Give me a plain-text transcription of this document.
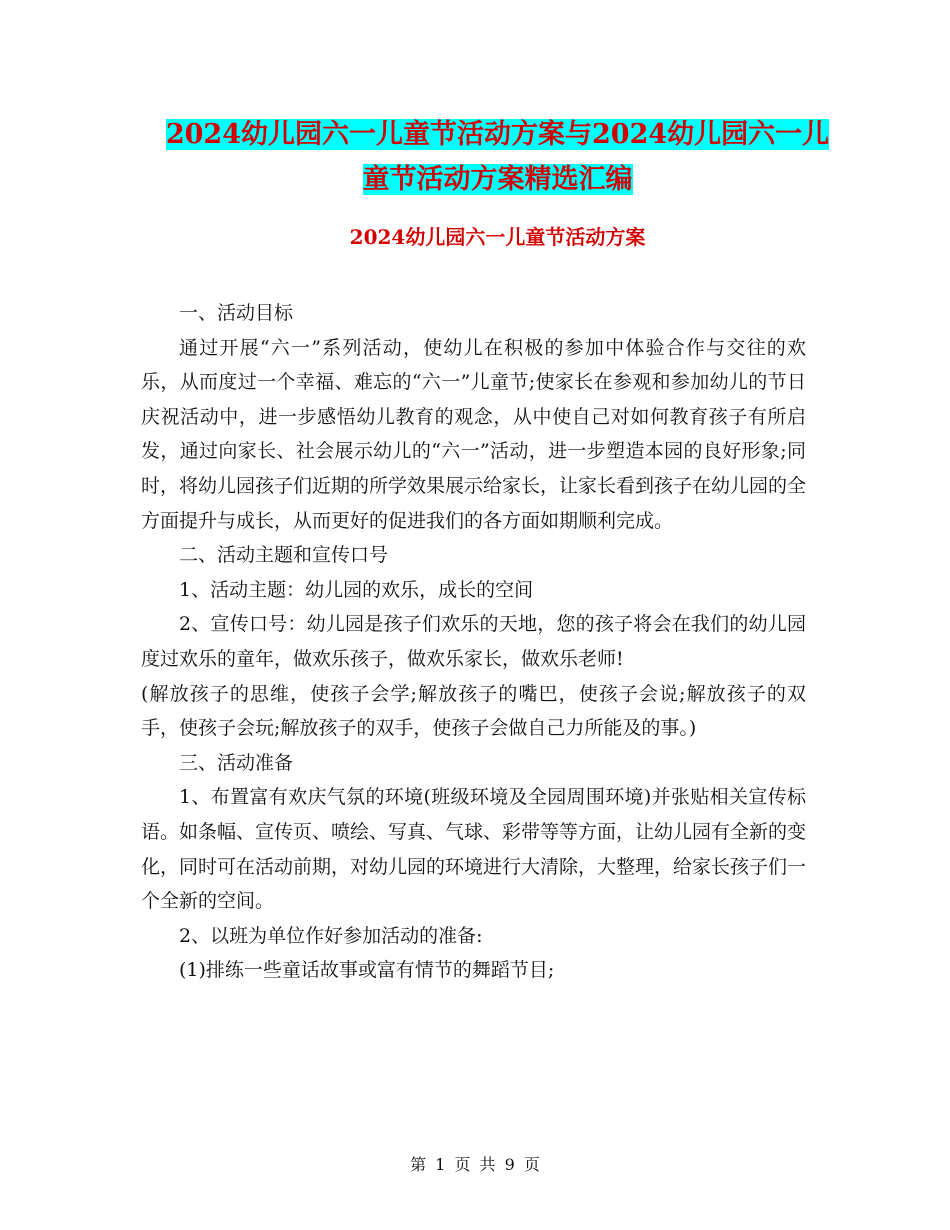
2024幼儿园六一儿童节活动方案与2024幼儿园六一儿
童节活动方案精选汇编
2024幼儿园六一儿童节活动方案

一、活动目标

通过开展“六一”系列活动，使幼儿在积极的参加中体验合作与交往的欢乐，从而度过一个幸福、难忘的“六一”儿童节;使家长在参观和参加幼儿的节日庆祝活动中，进一步感悟幼儿教育的观念，从中使自己对如何教育孩子有所启发，通过向家长、社会展示幼儿的“六一”活动，进一步塑造本园的良好形象;同时，将幼儿园孩子们近期的所学效果展示给家长，让家长看到孩子在幼儿园的全方面提升与成长，从而更好的促进我们的各方面如期顺利完成。

二、活动主题和宣传口号

1、活动主题：幼儿园的欢乐，成长的空间

2、宣传口号：幼儿园是孩子们欢乐的天地，您的孩子将会在我们的幼儿园度过欢乐的童年，做欢乐孩子，做欢乐家长，做欢乐老师!

(解放孩子的思维，使孩子会学;解放孩子的嘴巴，使孩子会说;解放孩子的双手，使孩子会玩;解放孩子的双手，使孩子会做自己力所能及的事。)

三、活动准备

1、布置富有欢庆气氛的环境(班级环境及全园周围环境)并张贴相关宣传标语。如条幅、宣传页、喷绘、写真、气球、彩带等等方面，让幼儿园有全新的变化，同时可在活动前期，对幼儿园的环境进行大清除，大整理，给家长孩子们一个全新的空间。

2、以班为单位作好参加活动的准备:

(1)排练一些童话故事或富有情节的舞蹈节目;

第 1 页 共 9 页
